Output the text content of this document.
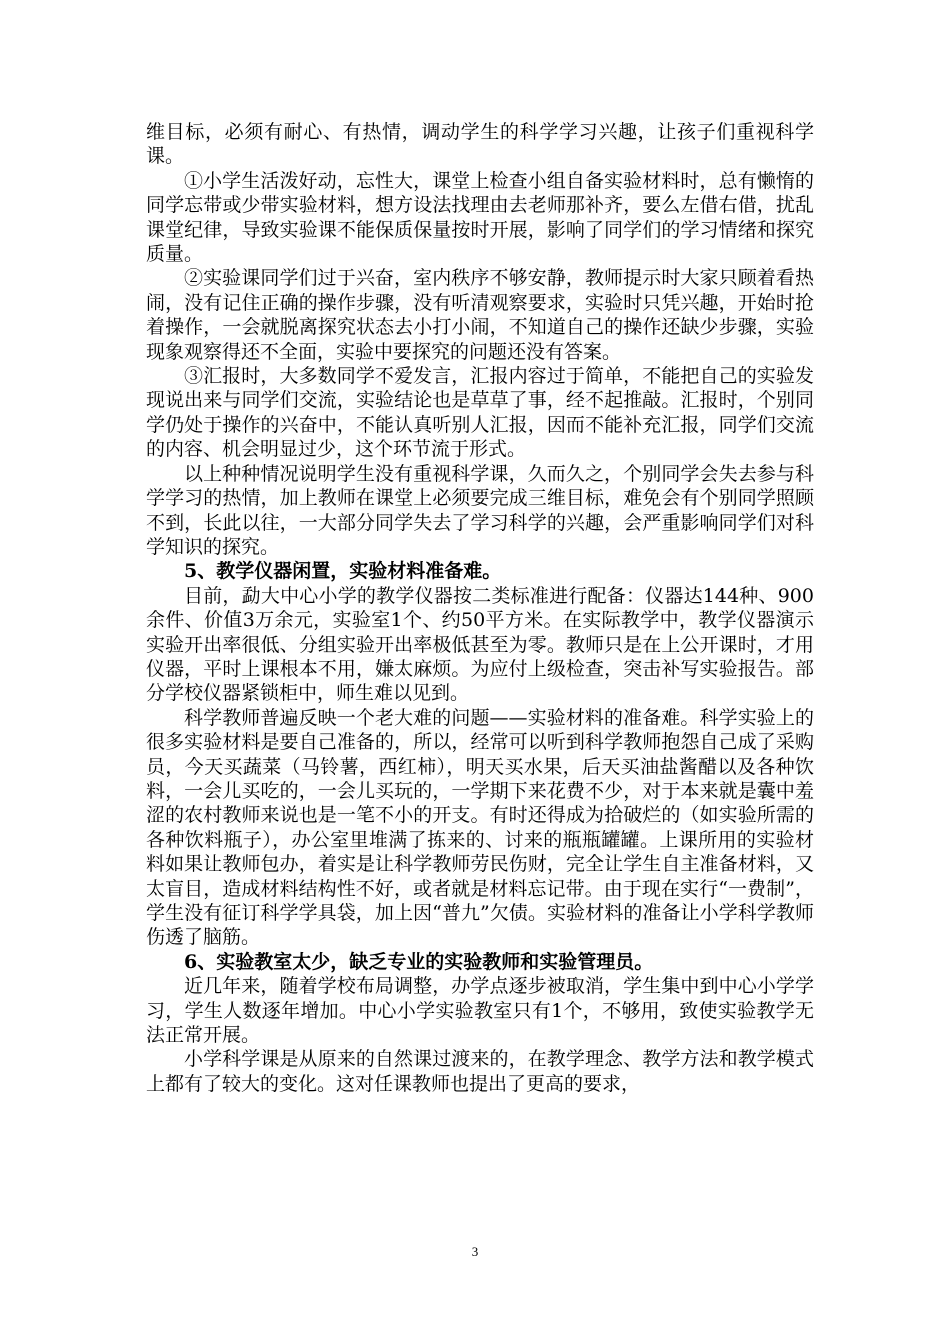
维目标，必须有耐心、有热情，调动学生的科学学习兴趣，让孩子们重视科学课。

①小学生活泼好动，忘性大，课堂上检查小组自备实验材料时，总有懒惰的同学忘带或少带实验材料，想方设法找理由去老师那补齐，要么左借右借，扰乱课堂纪律，导致实验课不能保质保量按时开展，影响了同学们的学习情绪和探究质量。

②实验课同学们过于兴奋，室内秩序不够安静，教师提示时大家只顾着看热闹，没有记住正确的操作步骤，没有听清观察要求，实验时只凭兴趣，开始时抢着操作，一会就脱离探究状态去小打小闹，不知道自己的操作还缺少步骤，实验现象观察得还不全面，实验中要探究的问题还没有答案。

③汇报时，大多数同学不爱发言，汇报内容过于简单，不能把自己的实验发现说出来与同学们交流，实验结论也是草草了事，经不起推敲。汇报时，个别同学仍处于操作的兴奋中，不能认真听别人汇报，因而不能补充汇报，同学们交流的内容、机会明显过少，这个环节流于形式。

以上种种情况说明学生没有重视科学课，久而久之，个别同学会失去参与科学学习的热情，加上教师在课堂上必须要完成三维目标，难免会有个别同学照顾不到，长此以往，一大部分同学失去了学习科学的兴趣，会严重影响同学们对科学知识的探究。

5、教学仪器闲置，实验材料准备难。

目前，勐大中心小学的教学仪器按二类标准进行配备：仪器达144种、900余件、价值3万余元，实验室1个、约50平方米。在实际教学中，教学仪器演示实验开出率很低、分组实验开出率极低甚至为零。教师只是在上公开课时，才用仪器，平时上课根本不用，嫌太麻烦。为应付上级检查，突击补写实验报告。部分学校仪器紧锁柜中，师生难以见到。

科学教师普遍反映一个老大难的问题——实验材料的准备难。科学实验上的很多实验材料是要自己准备的，所以，经常可以听到科学教师抱怨自己成了采购员，今天买蔬菜（马铃薯，西红柿），明天买水果，后天买油盐酱醋以及各种饮料，一会儿买吃的，一会儿买玩的，一学期下来花费不少，对于本来就是囊中羞涩的农村教师来说也是一笔不小的开支。有时还得成为拾破烂的（如实验所需的各种饮料瓶子），办公室里堆满了拣来的、讨来的瓶瓶罐罐。上课所用的实验材料如果让教师包办，着实是让科学教师劳民伤财，完全让学生自主准备材料，又太盲目，造成材料结构性不好，或者就是材料忘记带。由于现在实行“一费制”，学生没有征订科学学具袋，加上因“普九”欠债。实验材料的准备让小学科学教师伤透了脑筋。

6、实验教室太少，缺乏专业的实验教师和实验管理员。

近几年来，随着学校布局调整，办学点逐步被取消，学生集中到中心小学学习，学生人数逐年增加。中心小学实验教室只有1个，不够用，致使实验教学无法正常开展。

小学科学课是从原来的自然课过渡来的，在教学理念、教学方法和教学模式上都有了较大的变化。这对任课教师也提出了更高的要求，

3
